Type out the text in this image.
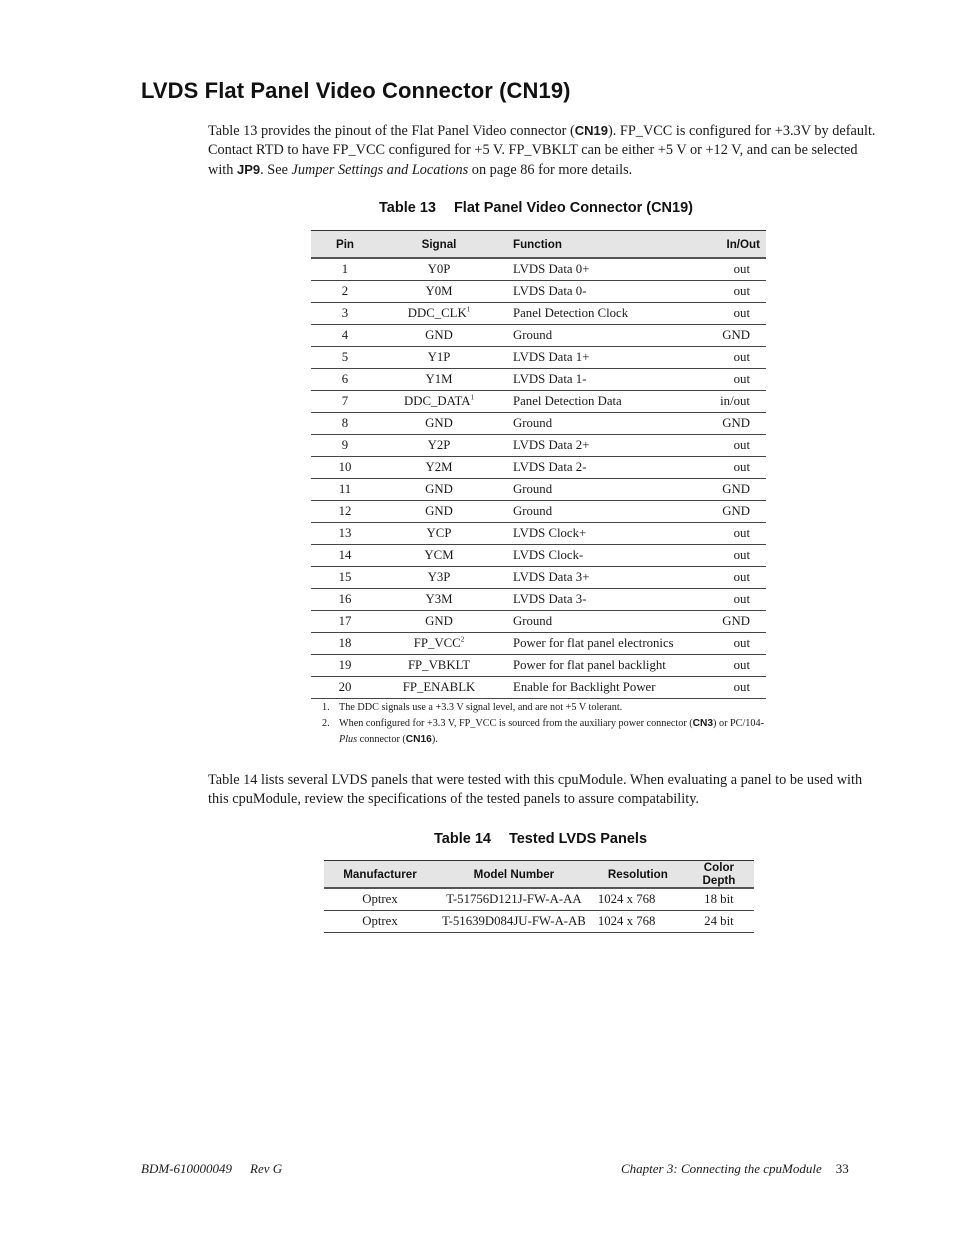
LVDS Flat Panel Video Connector (CN19)

Table 13 provides the pinout of the Flat Panel Video connector (CN19). FP_VCC is configured for +3.3V by default. Contact RTD to have FP_VCC configured for +5 V. FP_VBKLT can be either +5 V or +12 V, and can be selected with JP9. See Jumper Settings and Locations on page 86 for more details.

Table 13 Flat Panel Video Connector (CN19)
Pin	Signal	Function	In/Out
1	Y0P	LVDS Data 0+	out
2	Y0M	LVDS Data 0-	out
3	DDC_CLK$^1$	Panel Detection Clock	out
4	GND	Ground	GND
5	Y1P	LVDS Data 1+	out
6	Y1M	LVDS Data 1-	out
7	DDC_DATA$^1$	Panel Detection Data	in/out
8	GND	Ground	GND
9	Y2P	LVDS Data 2+	out
10	Y2M	LVDS Data 2-	out
11	GND	Ground	GND
12	GND	Ground	GND
13	YCP	LVDS Clock+	out
14	YCM	LVDS Clock-	out
15	Y3P	LVDS Data 3+	out
16	Y3M	LVDS Data 3-	out
17	GND	Ground	GND
18	FP_VCC$^2$	Power for flat panel electronics	out
19	FP_VBKLT	Power for flat panel backlight	out
20	FP_ENABLK	Enable for Backlight Power	out
1. The DDC signals use a +3.3 V signal level, and are not +5 V tolerant.
2. When configured for +3.3 V, FP_VCC is sourced from the auxiliary power connector (CN3) or PC/104-Plus connector (CN16).

Table 14 lists several LVDS panels that were tested with this cpuModule. When evaluating a panel to be used with this cpuModule, review the specifications of the tested panels to assure compatability.

Table 14 Tested LVDS Panels
Manufacturer	Model Number	Resolution	Color Depth
Optrex	T-51756D121J-FW-A-AA	1024 x 768	18 bit
Optrex	T-51639D084JU-FW-A-AB	1024 x 768	24 bit
BDM-610000049 Rev G	Chapter 3: Connecting the cpuModule 33
